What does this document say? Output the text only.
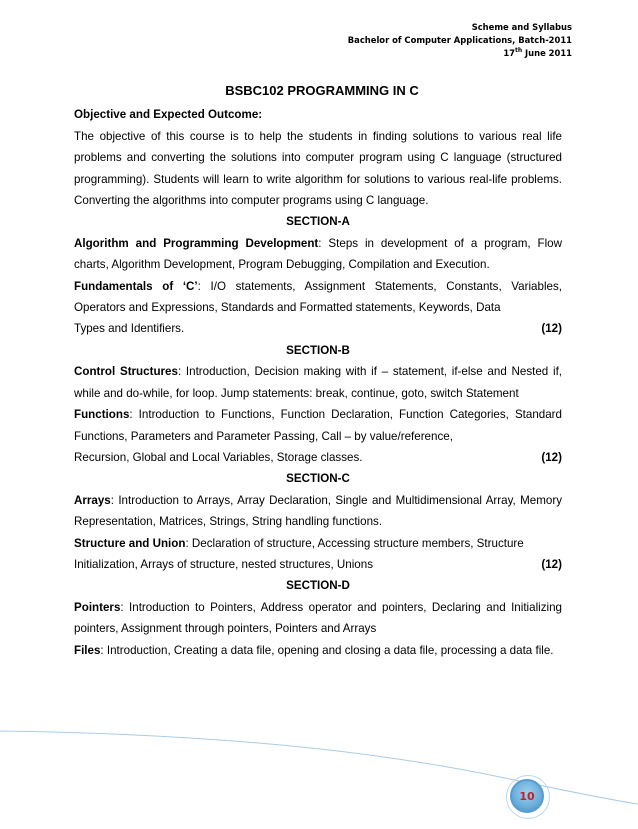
Scheme and Syllabus
Bachelor of Computer Applications, Batch-2011
17th June 2011
BSBC102 PROGRAMMING IN C
Objective and Expected Outcome:
The objective of this course is to help the students in finding solutions to various real life problems and converting the solutions into computer program using C language (structured programming). Students will learn to write algorithm for solutions to various real-life problems. Converting the algorithms into computer programs using C language.
SECTION-A
Algorithm and Programming Development: Steps in development of a program, Flow charts, Algorithm Development, Program Debugging, Compilation and Execution.
Fundamentals of ‘C’: I/O statements, Assignment Statements, Constants, Variables, Operators and Expressions, Standards and Formatted statements, Keywords, Data
Types and Identifiers.	(12)
SECTION-B
Control Structures: Introduction, Decision making with if – statement, if-else and Nested if, while and do-while, for loop. Jump statements: break, continue, goto, switch Statement
Functions: Introduction to Functions, Function Declaration, Function Categories, Standard Functions, Parameters and Parameter Passing, Call – by value/reference,
Recursion, Global and Local Variables, Storage classes.	(12)
SECTION-C
Arrays: Introduction to Arrays, Array Declaration, Single and Multidimensional Array, Memory Representation, Matrices, Strings, String handling functions.
Structure and Union: Declaration of structure, Accessing structure members, Structure
Initialization, Arrays of structure, nested structures, Unions	(12)
SECTION-D
Pointers: Introduction to Pointers, Address operator and pointers, Declaring and Initializing pointers, Assignment through pointers, Pointers and Arrays
Files: Introduction, Creating a data file, opening and closing a data file, processing a data file.
10
